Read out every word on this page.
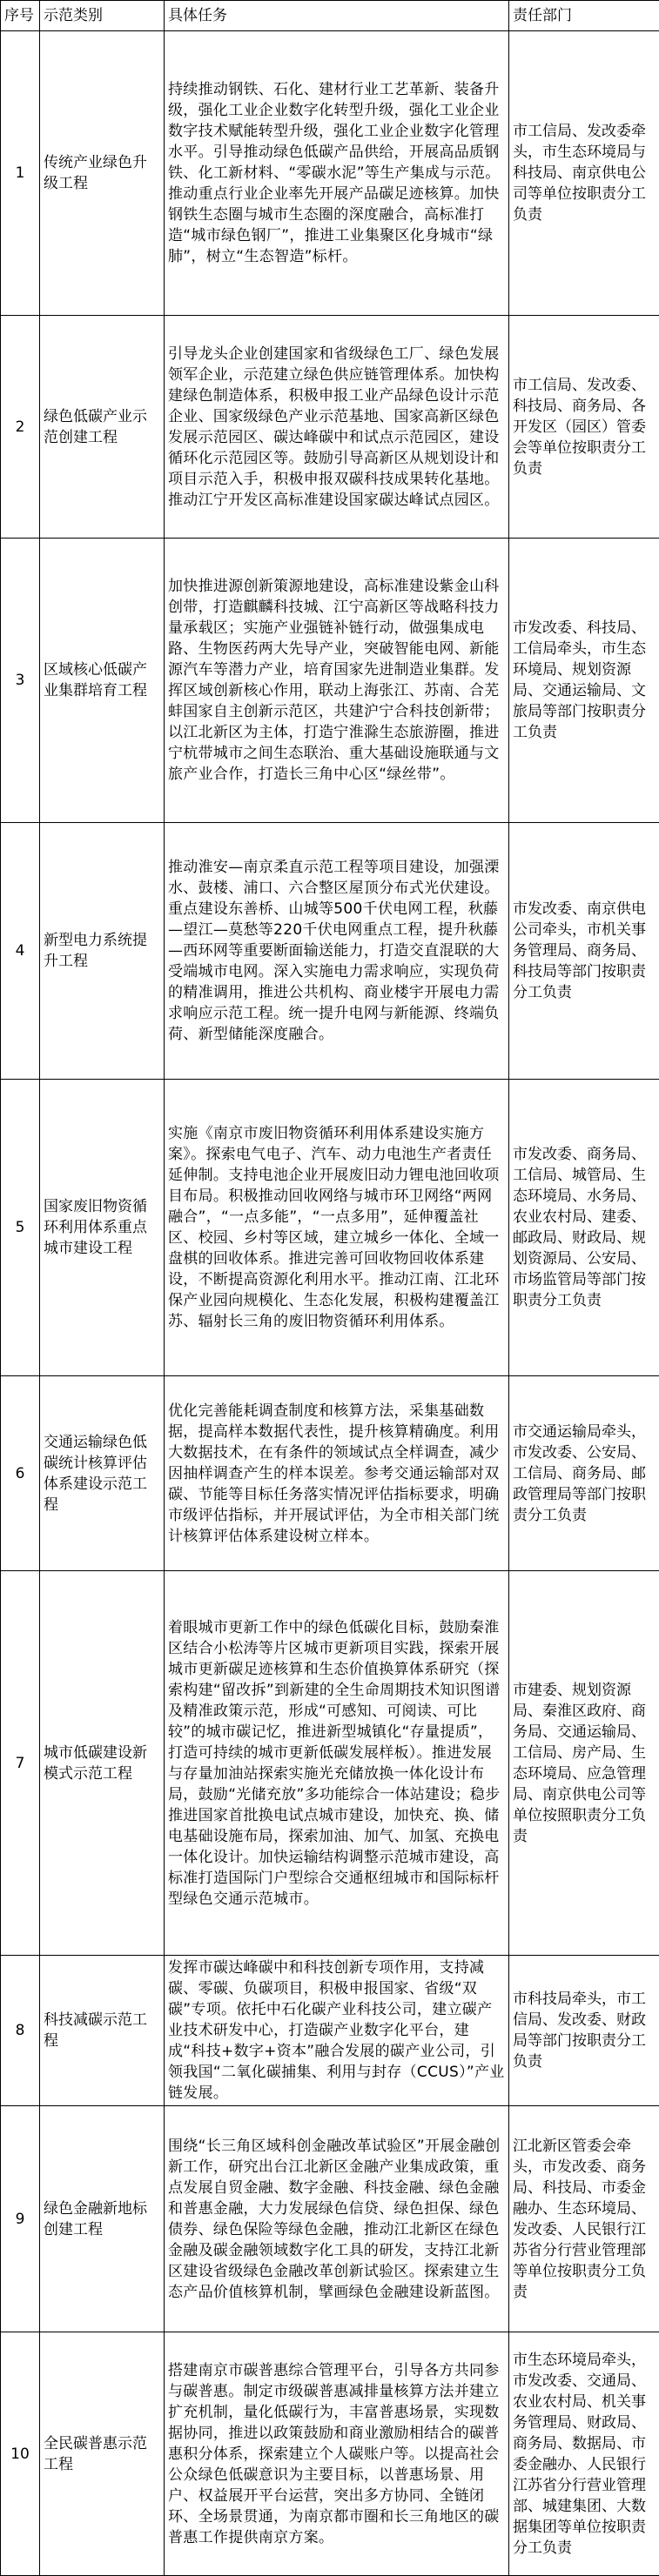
序号	示范类别	具体任务	责任部门
1	传统产业绿色升级工程	持续推动钢铁、石化、建材行业工艺革新、装备升级，强化工业企业数字化转型升级，强化工业企业数字技术赋能转型升级，强化工业企业数字化管理水平。引导推动绿色低碳产品供给，开展高品质钢铁、化工新材料、“零碳水泥”等生产集成与示范。推动重点行业企业率先开展产品碳足迹核算。加快钢铁生态圈与城市生态圈的深度融合，高标准打造“城市绿色钢厂”，推进工业集聚区化身城市“绿肺”，树立“生态智造”标杆。	市工信局、发改委牵头，市生态环境局与科技局、南京供电公司等单位按职责分工负责
2	绿色低碳产业示范创建工程	引导龙头企业创建国家和省级绿色工厂、绿色发展领军企业，示范建立绿色供应链管理体系。加快构建绿色制造体系，积极申报工业产品绿色设计示范企业、国家级绿色产业示范基地、国家高新区绿色发展示范园区、碳达峰碳中和试点示范园区，建设循环化示范园区等。鼓励引导高新区从规划设计和项目示范入手，积极申报双碳科技成果转化基地。推动江宁开发区高标准建设国家碳达峰试点园区。	市工信局、发改委、科技局、商务局、各开发区（园区）管委会等单位按职责分工负责
3	区域核心低碳产业集群培育工程	加快推进源创新策源地建设，高标准建设紫金山科创带，打造麒麟科技城、江宁高新区等战略科技力量承载区；实施产业强链补链行动，做强集成电路、生物医药两大先导产业，突破智能电网、新能源汽车等潜力产业，培育国家先进制造业集群。发挥区域创新核心作用，联动上海张江、苏南、合芜蚌国家自主创新示范区，共建沪宁合科技创新带；以江北新区为主体，打造宁淮滁生态旅游圈，推进宁杭带城市之间生态联治、重大基础设施联通与文旅产业合作，打造长三角中心区“绿丝带”。	市发改委、科技局、工信局牵头，市生态环境局、规划资源局、交通运输局、文旅局等部门按职责分工负责
4	新型电力系统提升工程	推动淮安—南京柔直示范工程等项目建设，加强溧水、鼓楼、浦口、六合整区屋顶分布式光伏建设。重点建设东善桥、山城等500千伏电网工程，秋藤—望江—莫愁等220千伏电网重点工程，提升秋藤—西环网等重要断面输送能力，打造交直混联的大受端城市电网。深入实施电力需求响应，实现负荷的精准调用，推进公共机构、商业楼宇开展电力需求响应示范工程。统一提升电网与新能源、终端负荷、新型储能深度融合。	市发改委、南京供电公司牵头，市机关事务管理局、商务局、科技局等部门按职责分工负责
5	国家废旧物资循环利用体系重点城市建设工程	实施《南京市废旧物资循环利用体系建设实施方案》。探索电气电子、汽车、动力电池生产者责任延伸制。支持电池企业开展废旧动力锂电池回收项目布局。积极推动回收网络与城市环卫网络“两网融合”，“一点多能”，“一点多用”，延伸覆盖社区、校园、乡村等区域，建立城乡一体化、全域一盘棋的回收体系。推进完善可回收物回收体系建设，不断提高资源化利用水平。推动江南、江北环保产业园向规模化、生态化发展，积极构建覆盖江苏、辐射长三角的废旧物资循环利用体系。	市发改委、商务局、工信局、城管局、生态环境局、水务局、农业农村局、建委、邮政局、财政局、规划资源局、公安局、市场监管局等部门按职责分工负责
6	交通运输绿色低碳统计核算评估体系建设示范工程	优化完善能耗调查制度和核算方法，采集基础数据，提高样本数据代表性，提升核算精确度。利用大数据技术，在有条件的领域试点全样调查，减少因抽样调查产生的样本误差。参考交通运输部对双碳、节能等目标任务落实情况评估指标要求，明确市级评估指标，并开展试评估，为全市相关部门统计核算评估体系建设树立样本。	市交通运输局牵头，市发改委、公安局、工信局、商务局、邮政管理局等部门按职责分工负责
7	城市低碳建设新模式示范工程	着眼城市更新工作中的绿色低碳化目标，鼓励秦淮区结合小松涛等片区城市更新项目实践，探索开展城市更新碳足迹核算和生态价值换算体系研究（探索构建“留改拆”到新建的全生命周期技术知识图谱及精准政策示范，形成“可感知、可阅读、可比较”的城市碳记忆，推进新型城镇化“存量提质”，打造可持续的城市更新低碳发展样板）。推进发展与存量加油站探索实施光充储放换一体化设计布局，鼓励“光储充放”多功能综合一体站建设；稳步推进国家首批换电试点城市建设，加快充、换、储电基础设施布局，探索加油、加气、加氢、充换电一体化设计。加快运输结构调整示范城市建设，高标准打造国际门户型综合交通枢纽城市和国际标杆型绿色交通示范城市。	市建委、规划资源局、秦淮区政府、商务局、交通运输局、工信局、房产局、生态环境局、应急管理局、南京供电公司等单位按照职责分工负责
8	科技减碳示范工程	发挥市碳达峰碳中和科技创新专项作用，支持减碳、零碳、负碳项目，积极申报国家、省级“双碳”专项。依托中石化碳产业科技公司，建立碳产业技术研发中心，打造碳产业数字化平台，建成“科技+数字+资本”融合发展的碳产业公司，引领我国“二氧化碳捕集、利用与封存（CCUS）”产业链发展。	市科技局牵头，市工信局、发改委、财政局等部门按职责分工负责
9	绿色金融新地标创建工程	围绕“长三角区域科创金融改革试验区”开展金融创新工作，研究出台江北新区金融产业集成政策，重点发展自贸金融、数字金融、科技金融、绿色金融和普惠金融，大力发展绿色信贷、绿色担保、绿色债券、绿色保险等绿色金融，推动江北新区在绿色金融及碳金融领域数字化工具的研发，支持江北新区建设省级绿色金融改革创新试验区。探索建立生态产品价值核算机制，擘画绿色金融建设新蓝图。	江北新区管委会牵头，市发改委、商务局、科技局、市委金融办、生态环境局、发改委、人民银行江苏省分行营业管理部等单位按职责分工负责
10	全民碳普惠示范工程	搭建南京市碳普惠综合管理平台，引导各方共同参与碳普惠。制定市级碳普惠减排量核算方法并建立扩充机制，量化低碳行为，丰富普惠场景，实现数据协同，推进以政策鼓励和商业激励相结合的碳普惠积分体系，探索建立个人碳账户等。以提高社会公众绿色低碳意识为主要目标，以普惠场景、用户、权益展开平台运营，突出多方协同、全链闭环、全场景贯通，为南京都市圈和长三角地区的碳普惠工作提供南京方案。	市生态环境局牵头，市发改委、交通局、农业农村局、机关事务管理局、财政局、商务局、数据局、市委金融办、人民银行江苏省分行营业管理部、城建集团、大数据集团等单位按职责分工负责
